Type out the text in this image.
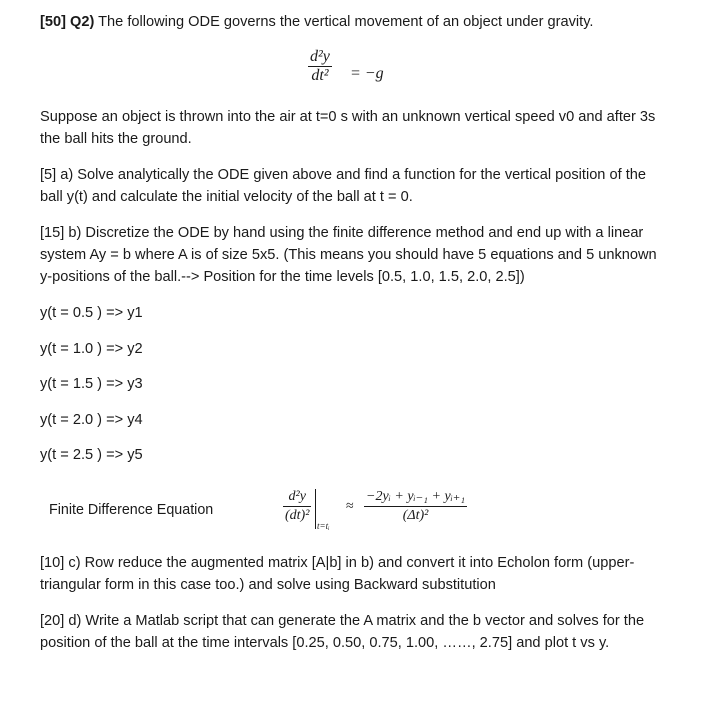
[50] Q2) The following ODE governs the vertical movement of an object under gravity.

d²y
dt² = −g

Suppose an object is thrown into the air at t=0 s with an unknown vertical speed v0 and after 3s the ball hits the ground.

[5] a) Solve analytically the ODE given above and find a function for the vertical position of the ball y(t) and calculate the initial velocity of the ball at t = 0.

[15] b) Discretize the ODE by hand using the finite difference method and end up with a linear system Ay = b where A is of size 5x5. (This means you should have 5 equations and 5 unknown y-positions of the ball.--> Position for the time levels [0.5, 1.0, 1.5, 2.0, 2.5])

y(t = 0.5 ) => y1

y(t = 1.0 ) => y2

y(t = 1.5 ) => y3

y(t = 2.0 ) => y4

y(t = 2.5 ) => y5

Finite Difference Equation
d²y
(dt)²
t=tᵢ
≈
−2yᵢ + yᵢ₋₁ + yᵢ₊₁
(Δt)²

[10] c) Row reduce the augmented matrix [A|b] in b) and convert it into Echolon form (upper-triangular form in this case too.) and solve using Backward substitution

[20] d) Write a Matlab script that can generate the A matrix and the b vector and solves for the position of the ball at the time intervals [0.25, 0.50, 0.75, 1.00, ……, 2.75] and plot t vs y.
